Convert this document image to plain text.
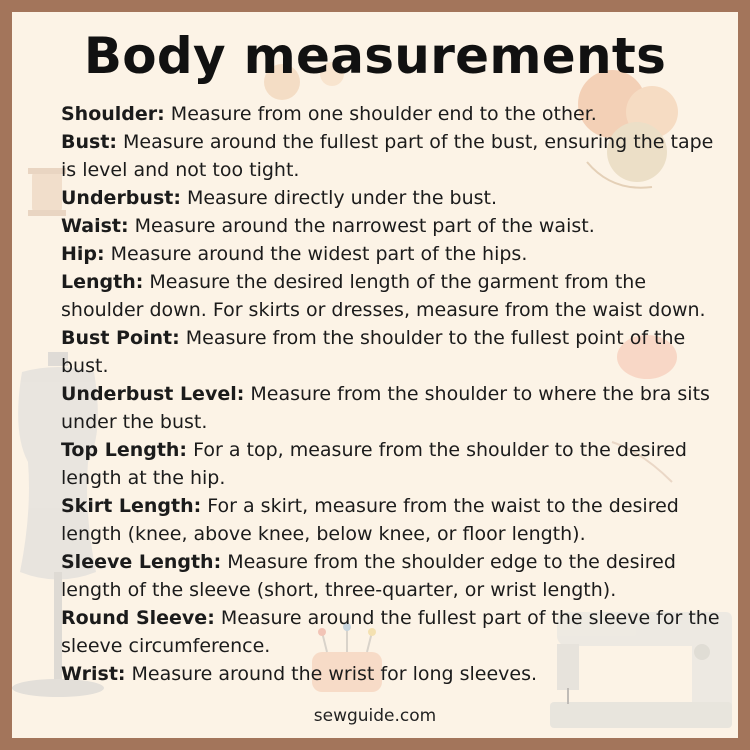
Body measurements
Shoulder: Measure from one shoulder end to the other.
Bust: Measure around the fullest part of the bust, ensuring the tape is level and not too tight.
Underbust: Measure directly under the bust.
Waist: Measure around the narrowest part of the waist.
Hip: Measure around the widest part of the hips.
Length: Measure the desired length of the garment from the shoulder down. For skirts or dresses, measure from the waist down.
Bust Point: Measure from the shoulder to the fullest point of the bust.
Underbust Level: Measure from the shoulder to where the bra sits under the bust.
Top Length: For a top, measure from the shoulder to the desired length at the hip.
Skirt Length: For a skirt, measure from the waist to the desired length (knee, above knee, below knee, or floor length).
Sleeve Length: Measure from the shoulder edge to the desired length of the sleeve (short, three-quarter, or wrist length).
Round Sleeve: Measure around the fullest part of the sleeve for the sleeve circumference.
Wrist: Measure around the wrist for long sleeves.
sewguide.com
